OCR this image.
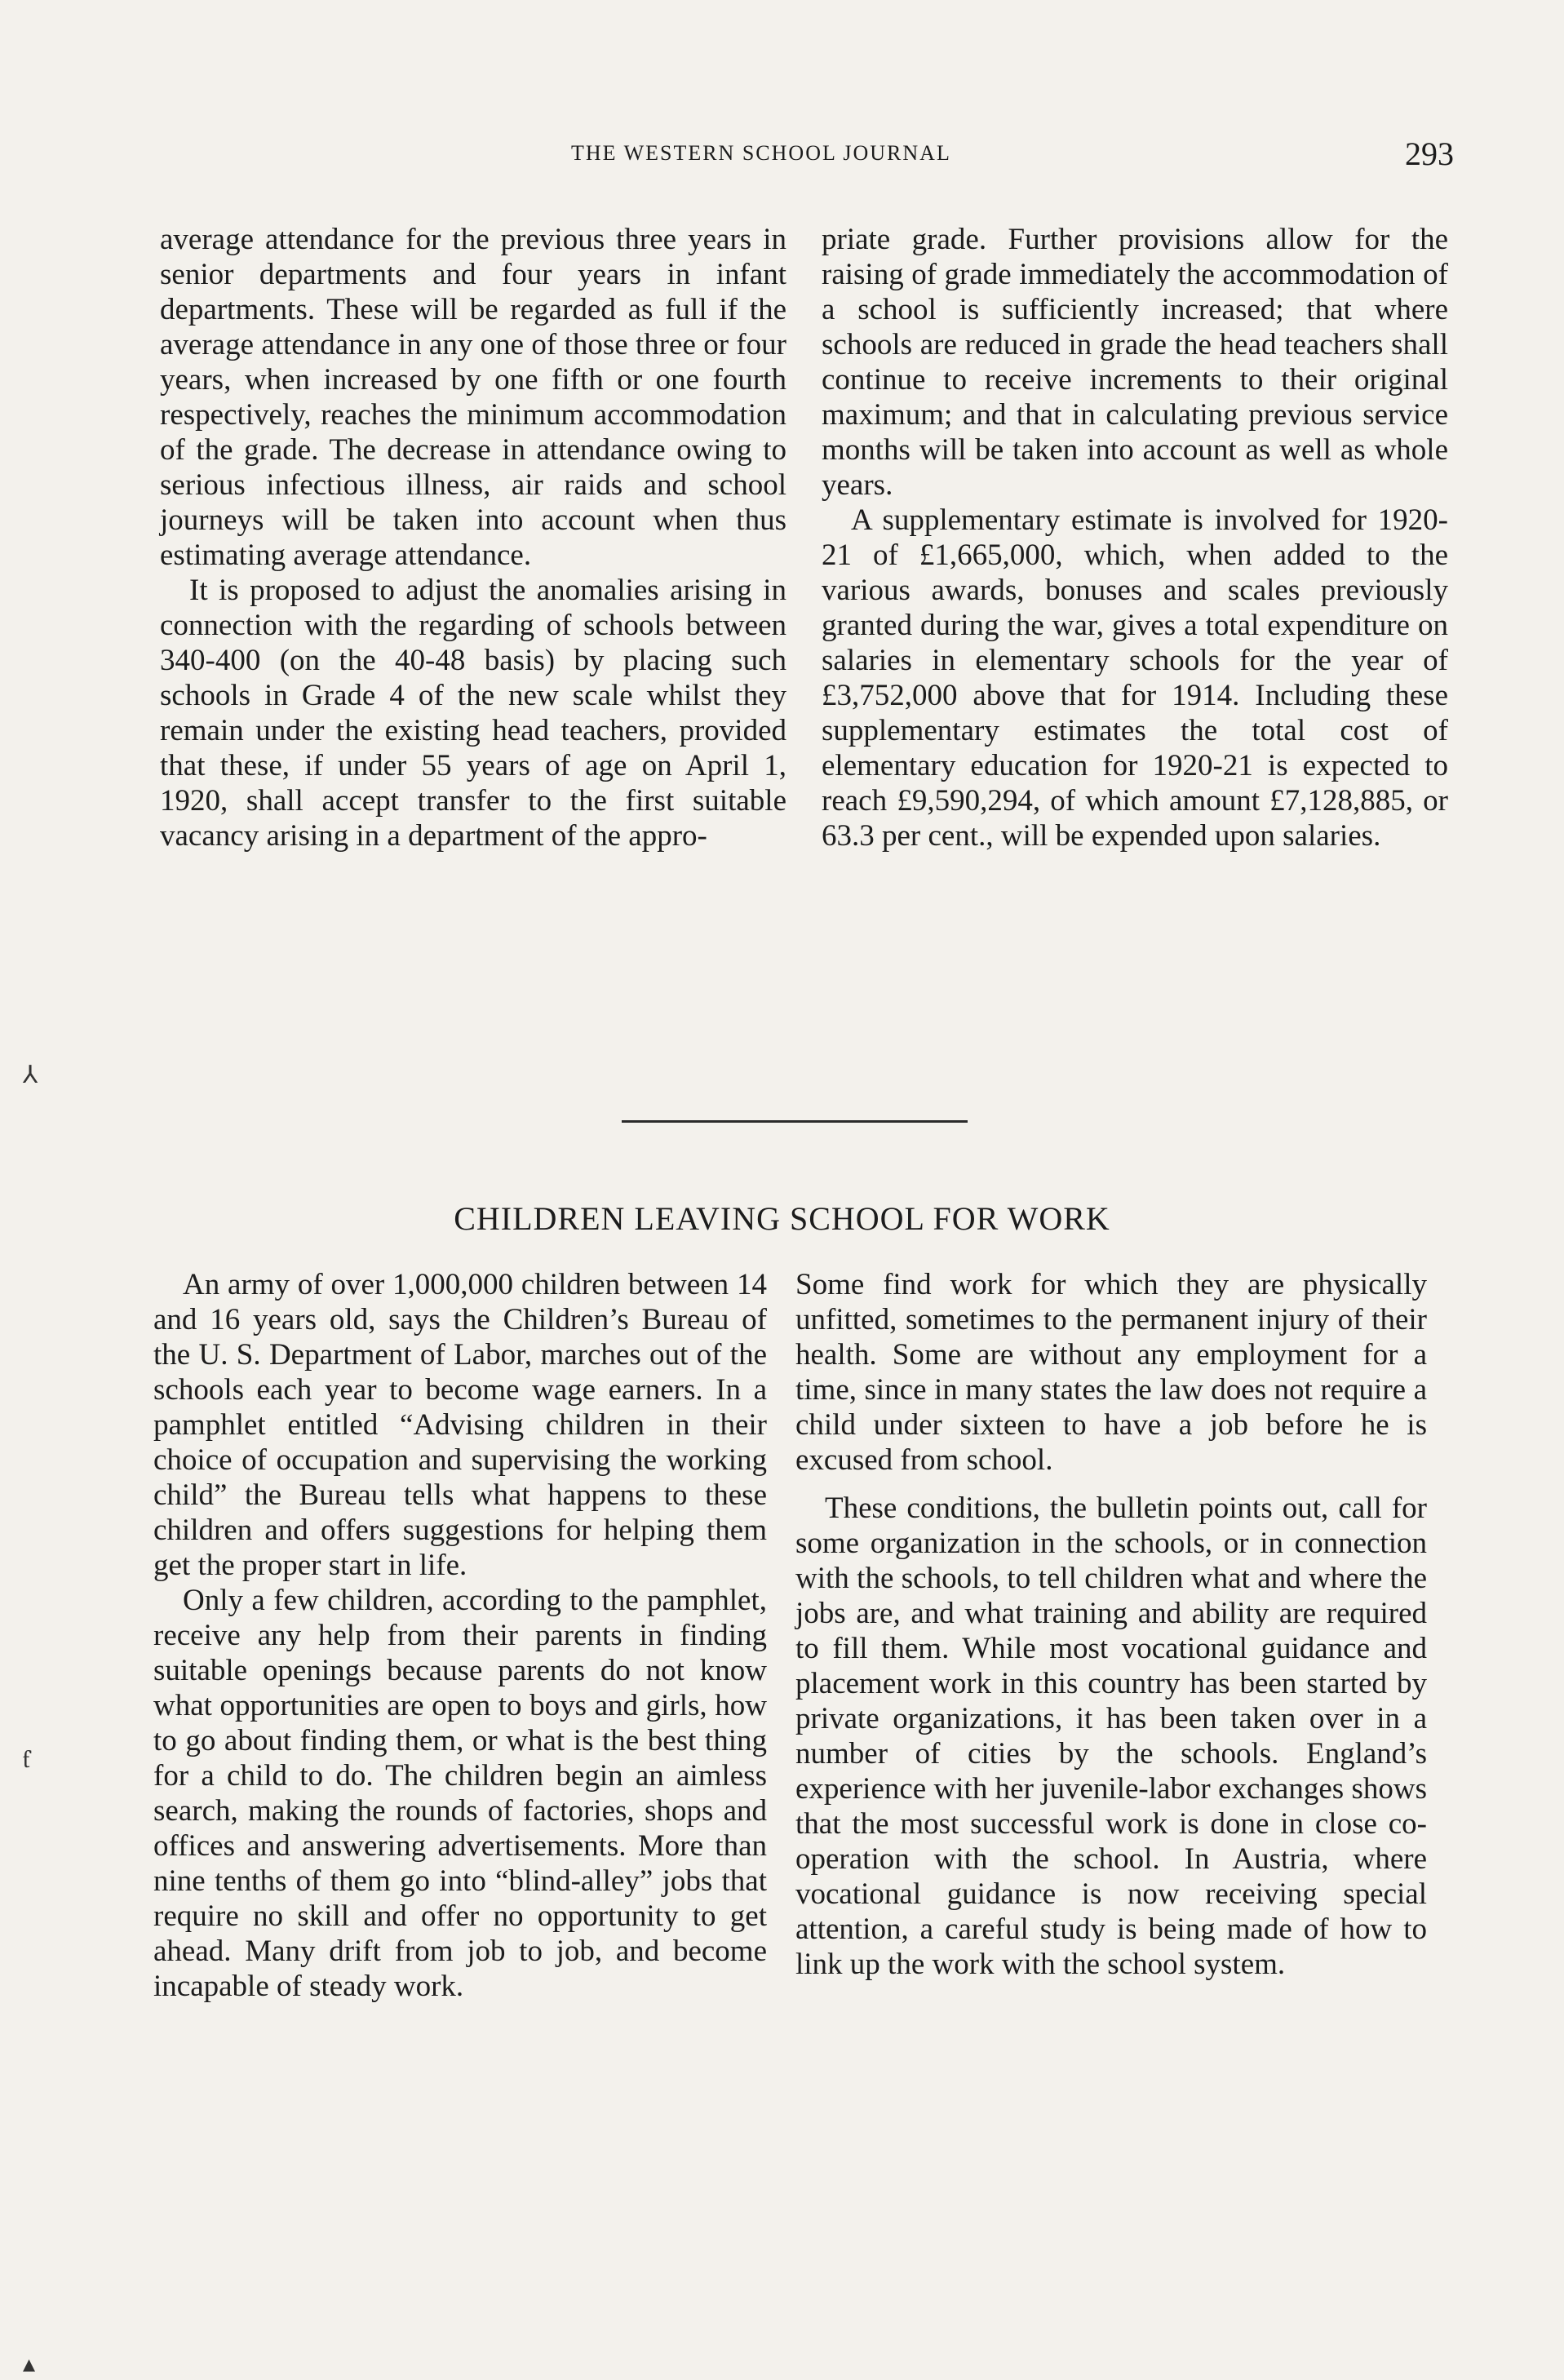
THE WESTERN SCHOOL JOURNAL	293

average attendance for the previous three years in senior departments and four years in infant departments. These will be regarded as full if the average attendance in any one of those three or four years, when increased by one fifth or one fourth respectively, reaches the minimum accommodation of the grade. The decrease in attendance owing to serious infectious illness, air raids and school journeys will be taken into account when thus estimating average attendance.

It is proposed to adjust the anomalies arising in connection with the regarding of schools between 340-400 (on the 40-48 basis) by placing such schools in Grade 4 of the new scale whilst they remain under the existing head teachers, provided that these, if under 55 years of age on April 1, 1920, shall accept transfer to the first suitable vacancy arising in a department of the appro-

priate grade. Further provisions allow for the raising of grade immediately the accommodation of a school is sufficiently increased; that where schools are reduced in grade the head teachers shall continue to receive increments to their original maximum; and that in calculating previous service months will be taken into account as well as whole years.

A supplementary estimate is involved for 1920-21 of £1,665,000, which, when added to the various awards, bonuses and scales previously granted during the war, gives a total expenditure on salaries in elementary schools for the year of £3,752,000 above that for 1914. Including these supplementary estimates the total cost of elementary education for 1920-21 is expected to reach £9,590,294, of which amount £7,128,885, or 63.3 per cent., will be expended upon salaries.

CHILDREN LEAVING SCHOOL FOR WORK

An army of over 1,000,000 children between 14 and 16 years old, says the Children’s Bureau of the U. S. Department of Labor, marches out of the schools each year to become wage earners. In a pamphlet entitled “Advising children in their choice of occupation and supervising the working child” the Bureau tells what happens to these children and offers suggestions for helping them get the proper start in life.

Only a few children, according to the pamphlet, receive any help from their parents in finding suitable openings because parents do not know what opportunities are open to boys and girls, how to go about finding them, or what is the best thing for a child to do. The children begin an aimless search, making the rounds of factories, shops and offices and answering advertisements. More than nine tenths of them go into “blind-alley” jobs that require no skill and offer no opportunity to get ahead. Many drift from job to job, and become incapable of steady work.

Some find work for which they are physically unfitted, sometimes to the permanent injury of their health. Some are without any employment for a time, since in many states the law does not require a child under sixteen to have a job before he is excused from school.

These conditions, the bulletin points out, call for some organization in the schools, or in connection with the schools, to tell children what and where the jobs are, and what training and ability are required to fill them. While most vocational guidance and placement work in this country has been started by private organizations, it has been taken over in a number of cities by the schools. England’s experience with her juvenile-labor exchanges shows that the most successful work is done in close co-operation with the school. In Austria, where vocational guidance is now receiving special attention, a careful study is being made of how to link up the work with the school system.

⅄
ƭ
▴
